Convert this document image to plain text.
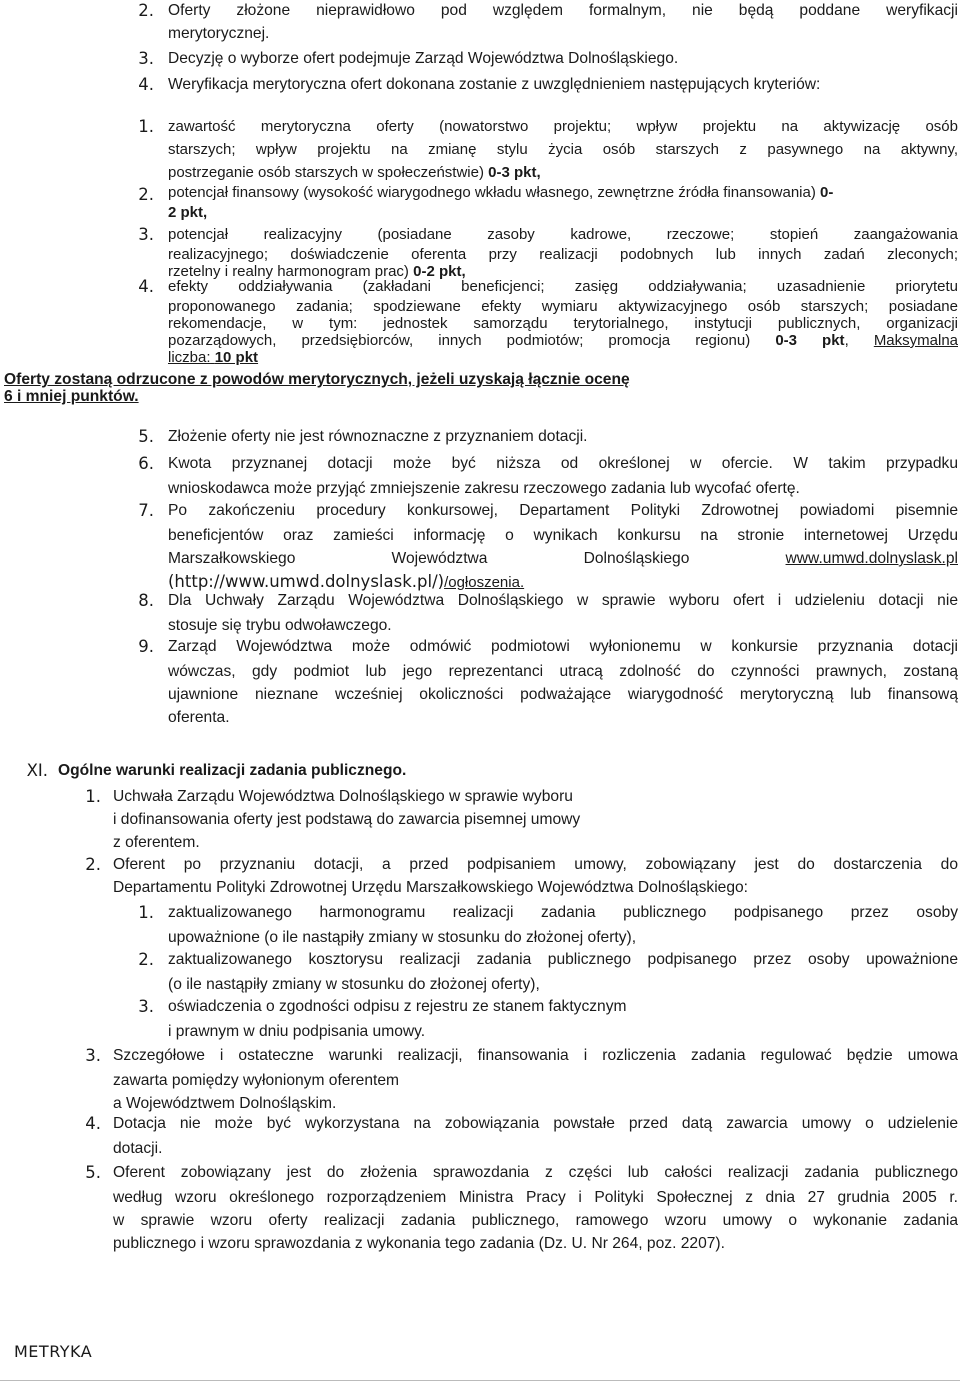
2. Oferty złożone nieprawidłowo pod względem formalnym, nie będą poddane weryfikacji
merytorycznej.
3. Decyzję o wyborze ofert podejmuje Zarząd Województwa Dolnośląskiego.
4. Weryfikacja merytoryczna ofert dokonana zostanie z uwzględnieniem następujących kryteriów:
1. zawartość merytoryczna oferty (nowatorstwo projektu; wpływ projektu na aktywizację osób
starszych; wpływ projektu na zmianę stylu życia osób starszych z pasywnego na aktywny,
postrzeganie osób starszych w społeczeństwie) 0-3 pkt,
2. potencjał finansowy (wysokość wiarygodnego wkładu własnego, zewnętrzne źródła finansowania) 0-
2 pkt,
3. potencjał realizacyjny (posiadane zasoby kadrowe, rzeczowe; stopień zaangażowania
realizacyjnego; doświadczenie oferenta przy realizacji podobnych lub innych zadań zleconych;
rzetelny i realny harmonogram prac) 0-2 pkt,
4. efekty oddziaływania (zakładani beneficjenci; zasięg oddziaływania; uzasadnienie priorytetu
proponowanego zadania; spodziewane efekty wymiaru aktywizacyjnego osób starszych; posiadane
rekomendacje, w tym: jednostek samorządu terytorialnego, instytucji publicznych, organizacji
pozarządowych, przedsiębiorców, innych podmiotów; promocja regionu) 0-3 pkt, Maksymalna
liczba: 10 pkt
Oferty zostaną odrzucone z powodów merytorycznych, jeżeli uzyskają łącznie ocenę
6 i mniej punktów.
5. Złożenie oferty nie jest równoznaczne z przyznaniem dotacji.
6. Kwota przyznanej dotacji może być niższa od określonej w ofercie. W takim przypadku
wnioskodawca może przyjąć zmniejszenie zakresu rzeczowego zadania lub wycofać ofertę.
7. Po zakończeniu procedury konkursowej, Departament Polityki Zdrowotnej powiadomi pisemnie
beneficjentów oraz zamieści informację o wynikach konkursu na stronie internetowej Urzędu
Marszałkowskiego Województwa Dolnośląskiego	www.umwd.dolnyslask.pl
(http://www.umwd.dolnyslask.pl/)/ogłoszenia.
8. Dla Uchwały Zarządu Województwa Dolnośląskiego w sprawie wyboru ofert i udzieleniu dotacji nie
stosuje się trybu odwoławczego.
9. Zarząd Województwa może odmówić podmiotowi wyłonionemu w konkursie przyznania dotacji
wówczas, gdy podmiot lub jego reprezentanci utracą zdolność do czynności prawnych, zostaną
ujawnione nieznane wcześniej okoliczności podważające wiarygodność merytoryczną lub finansową
oferenta.
XI. Ogólne warunki realizacji zadania publicznego.
1. Uchwała Zarządu Województwa Dolnośląskiego w sprawie wyboru
i dofinansowania oferty jest podstawą do zawarcia pisemnej umowy
z oferentem.
2. Oferent po przyznaniu dotacji, a przed podpisaniem umowy, zobowiązany jest do dostarczenia do
Departamentu Polityki Zdrowotnej Urzędu Marszałkowskiego Województwa Dolnośląskiego:
1. zaktualizowanego harmonogramu realizacji zadania publicznego podpisanego przez osoby
upoważnione (o ile nastąpiły zmiany w stosunku do złożonej oferty),
2. zaktualizowanego kosztorysu realizacji zadania publicznego podpisanego przez osoby upoważnione
(o ile nastąpiły zmiany w stosunku do złożonej oferty),
3. oświadczenia o zgodności odpisu z rejestru ze stanem faktycznym
i prawnym w dniu podpisania umowy.
3. Szczegółowe i ostateczne warunki realizacji, finansowania i rozliczenia zadania regulować będzie umowa
zawarta pomiędzy wyłonionym oferentem
a Województwem Dolnośląskim.
4. Dotacja nie może być wykorzystana na zobowiązania powstałe przed datą zawarcia umowy o udzielenie
dotacji.
5. Oferent zobowiązany jest do złożenia sprawozdania z części lub całości realizacji zadania publicznego
według wzoru określonego rozporządzeniem Ministra Pracy i Polityki Społecznej z dnia 27 grudnia 2005 r.
w sprawie wzoru oferty realizacji zadania publicznego, ramowego wzoru umowy o wykonanie zadania
publicznego i wzoru sprawozdania z wykonania tego zadania (Dz. U. Nr 264, poz. 2207).
METRYKA
